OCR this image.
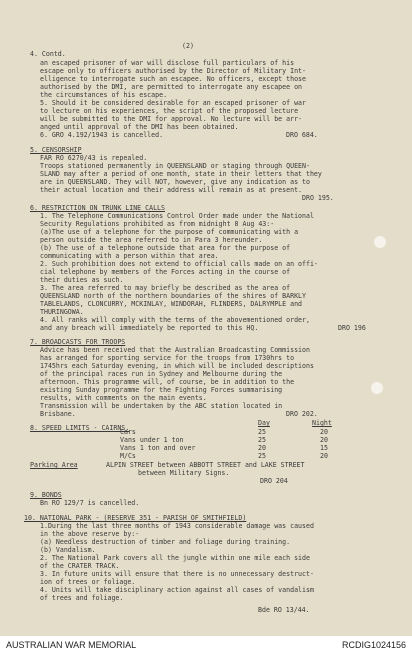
(2)
4. Contd.
an escaped prisoner of war will disclose full particulars of his
escape only to officers authorised by the Director of Military Int-
elligence to interrogate such an escapee. No officers, except those
authorised by the DMI, are permitted to interrogate any escapee on
the circumstances of his escape.
5. Should it be considered desirable for an escaped prisoner of war
to lecture on his experiences, the script of the proposed lecture
will be submitted to the DMI for approval. No lecture will be arr-
anged until approval of the DMI has been obtained.
6. GRO 4.192/1943 is cancelled.	DRO 684.
5. CENSORSHIP
FAR RO 6270/43 is repealed.
Troops stationed permanently in QUEENSLAND or staging through QUEEN-
SLAND may after a period of one month, state in their letters that they
are in QUEENSLAND. They will NOT, however, give any indication as to
their actual location and their address will remain as at present.
DRO 195.
6. RESTRICTION ON TRUNK LINE CALLS
1. The Telephone Communications Control Order made under the National
Security Regulations prohibited as from midnight 8 Aug 43:-
(a)The use of a telephone for the purpose of communicating with a
person outside the area referred to in Para 3 hereunder.
(b) The use of a telephone outside that area for the purpose of
communicating with a person within that area.
2. Such prohibition does not extend to official calls made on an offi-
cial telephone by members of the Forces acting in the course of
their duties as such.
3. The area referred to may briefly be described as the area of
QUEENSLAND north of the northern boundaries of the shires of BARKLY
TABLELANDS, CLONCURRY, MCKINLAY, WINDORAH, FLINDERS, DALRYMPLE and
THURINGOWA.
4. All ranks will comply with the terms of the abovementioned order,
and any breach will immediately be reported to this HQ.	DRO 196
7. BROADCASTS FOR TROOPS
Advice has been received that the Australian Broadcasting Commission
has arranged for sporting service for the troops from 1730hrs to
1745hrs each Saturday evening, in which will be included descriptions
of the principal races run in Sydney and Melbourne during the
afternoon. This programme will, of course, be in addition to the
existing Sunday programme for the Fighting Forces summarising
results, with comments on the main events.
Transmission will be undertaken by the ABC station located in
Brisbane.	DRO 202.
8. SPEED LIMITS - CAIRNS.
Day	Night
Cars	25	20
Vans under 1 ton	25	20
Vans 1 ton and over	20	15
M/Cs	25	20
Parking Area	ALPIN STREET between ABBOTT STREET and LAKE STREET
between Military Signs.
DRO 204
9. BONDS
Bn RO 129/7 is cancelled.
10. NATIONAL PARK - (RESERVE 351 - PARISH OF SMITHFIELD)
1.During the last three months of 1943 considerable damage was caused
in the above reserve by:-
(a) Needless destruction of timber and foliage during training.
(b) Vandalism.
2. The National Park covers all the jungle within one mile each side
of the CRATER TRACK.
3. In future units will ensure that there is no unnecessary destruct-
ion of trees or foliage.
4. Units will take disciplinary action against all cases of vandalism
of trees and foliage.
Bde RO 13/44.
AUSTRALIAN WAR MEMORIAL	RCDIG1024156
